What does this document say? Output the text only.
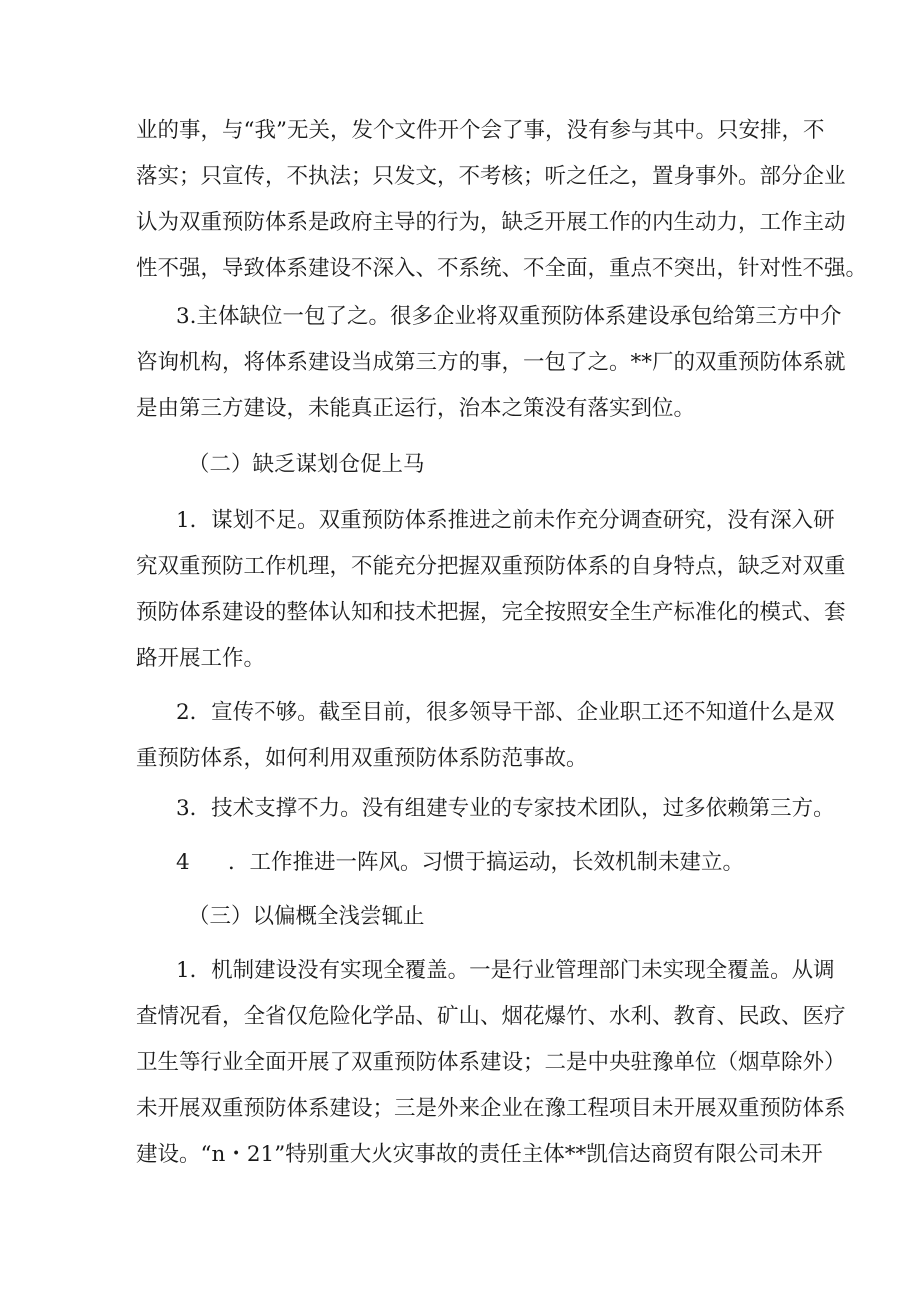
业的事，与“我”无关，发个文件开个会了事，没有参与其中。只安排，不
落实；只宣传，不执法；只发文，不考核；听之任之，置身事外。部分企业
认为双重预防体系是政府主导的行为，缺乏开展工作的内生动力，工作主动
性不强，导致体系建设不深入、不系统、不全面，重点不突出，针对性不强。
3.主体缺位一包了之。很多企业将双重预防体系建设承包给第三方中介
咨询机构，将体系建设当成第三方的事，一包了之。**厂的双重预防体系就
是由第三方建设，未能真正运行，治本之策没有落实到位。
（二）缺乏谋划仓促上马
1．谋划不足。双重预防体系推进之前未作充分调查研究，没有深入研
究双重预防工作机理，不能充分把握双重预防体系的自身特点，缺乏对双重
预防体系建设的整体认知和技术把握，完全按照安全生产标准化的模式、套
路开展工作。
2．宣传不够。截至目前，很多领导干部、企业职工还不知道什么是双
重预防体系，如何利用双重预防体系防范事故。
3．技术支撑不力。没有组建专业的专家技术团队，过多依赖第三方。
4 ．工作推进一阵风。习惯于搞运动，长效机制未建立。
（三）以偏概全浅尝辄止
1．机制建设没有实现全覆盖。一是行业管理部门未实现全覆盖。从调
查情况看，全省仅危险化学品、矿山、烟花爆竹、水利、教育、民政、医疗
卫生等行业全面开展了双重预防体系建设；二是中央驻豫单位（烟草除外）
未开展双重预防体系建设；三是外来企业在豫工程项目未开展双重预防体系
建设。“n・21”特别重大火灾事故的责任主体**凯信达商贸有限公司未开
